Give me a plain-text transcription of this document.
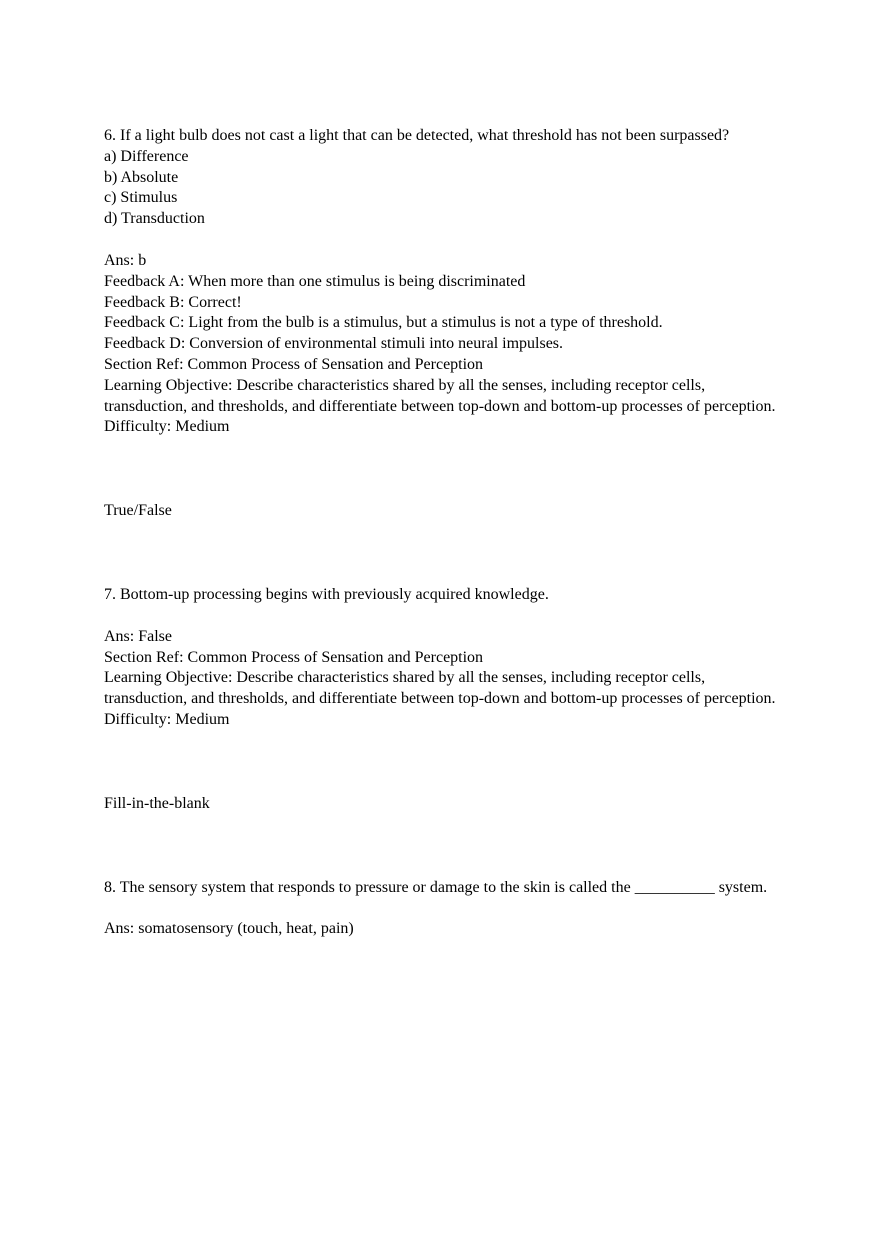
6. If a light bulb does not cast a light that can be detected, what threshold has not been surpassed?

a) Difference

b) Absolute

c) Stimulus

d) Transduction

Ans: b

Feedback A: When more than one stimulus is being discriminated

Feedback B: Correct!

Feedback C: Light from the bulb is a stimulus, but a stimulus is not a type of threshold.

Feedback D: Conversion of environmental stimuli into neural impulses.

Section Ref: Common Process of Sensation and Perception

Learning Objective: Describe characteristics shared by all the senses, including receptor cells, transduction, and thresholds, and differentiate between top-down and bottom-up processes of perception.

Difficulty: Medium

True/False

7. Bottom-up processing begins with previously acquired knowledge.

Ans: False

Section Ref: Common Process of Sensation and Perception

Learning Objective: Describe characteristics shared by all the senses, including receptor cells, transduction, and thresholds, and differentiate between top-down and bottom-up processes of perception.

Difficulty: Medium

Fill-in-the-blank

8. The sensory system that responds to pressure or damage to the skin is called the __________ system.

Ans: somatosensory (touch, heat, pain)
